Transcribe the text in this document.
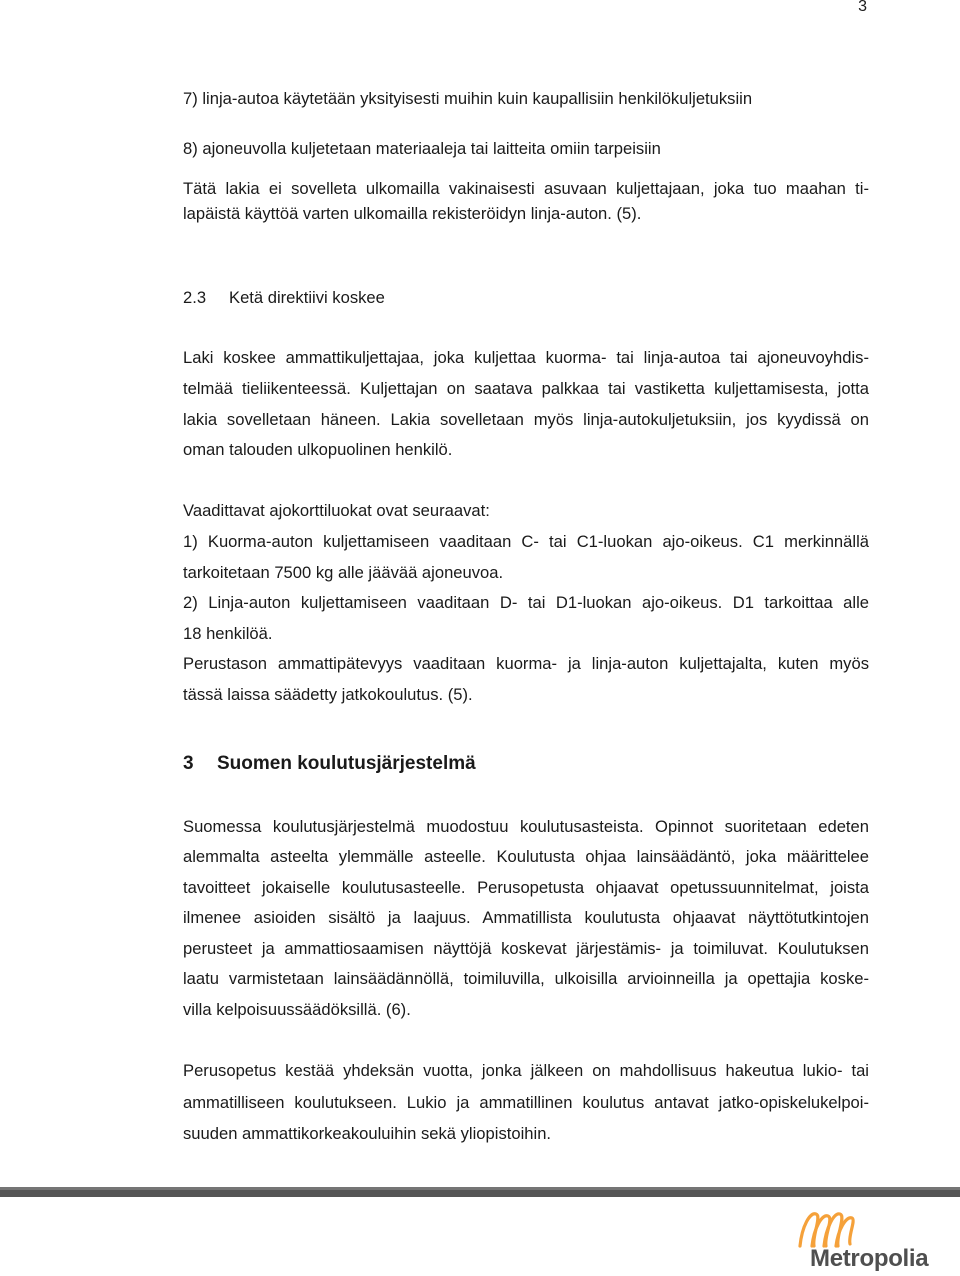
3
7) linja-autoa käytetään yksityisesti muihin kuin kaupallisiin henkilökuljetuksiin
8) ajoneuvolla kuljetetaan materiaaleja tai laitteita omiin tarpeisiin
Tätä lakia ei sovelleta ulkomailla vakinaisesti asuvaan kuljettajaan, joka tuo maahan ti-
lapäistä käyttöä varten ulkomailla rekisteröidyn linja-auton. (5).
2.3 Ketä direktiivi koskee
Laki koskee ammattikuljettajaa, joka kuljettaa kuorma- tai linja-autoa tai ajoneuvoyhdis-
telmää tieliikenteessä. Kuljettajan on saatava palkkaa tai vastiketta kuljettamisesta, jotta
lakia sovelletaan häneen. Lakia sovelletaan myös linja-autokuljetuksiin, jos kyydissä on
oman talouden ulkopuolinen henkilö.
Vaadittavat ajokorttiluokat ovat seuraavat:
1) Kuorma-auton kuljettamiseen vaaditaan C- tai C1-luokan ajo-oikeus. C1 merkinnällä
tarkoitetaan 7500 kg alle jäävää ajoneuvoa.
2) Linja-auton kuljettamiseen vaaditaan D- tai D1-luokan ajo-oikeus. D1 tarkoittaa alle
18 henkilöä.
Perustason ammattipätevyys vaaditaan kuorma- ja linja-auton kuljettajalta, kuten myös
tässä laissa säädetty jatkokoulutus. (5).
3 Suomen koulutusjärjestelmä
Suomessa koulutusjärjestelmä muodostuu koulutusasteista. Opinnot suoritetaan edeten
alemmalta asteelta ylemmälle asteelle. Koulutusta ohjaa lainsäädäntö, joka määrittelee
tavoitteet jokaiselle koulutusasteelle. Perusopetusta ohjaavat opetussuunnitelmat, joista
ilmenee asioiden sisältö ja laajuus. Ammatillista koulutusta ohjaavat näyttötutkintojen
perusteet ja ammattiosaamisen näyttöjä koskevat järjestämis- ja toimiluvat. Koulutuksen
laatu varmistetaan lainsäädännöllä, toimiluvilla, ulkoisilla arvioinneilla ja opettajia koske-
villa kelpoisuussäädöksillä. (6).
Perusopetus kestää yhdeksän vuotta, jonka jälkeen on mahdollisuus hakeutua lukio- tai
ammatilliseen koulutukseen. Lukio ja ammatillinen koulutus antavat jatko-opiskelukelpoi-
suuden ammattikorkeakouluihin sekä yliopistoihin.
Metropolia
